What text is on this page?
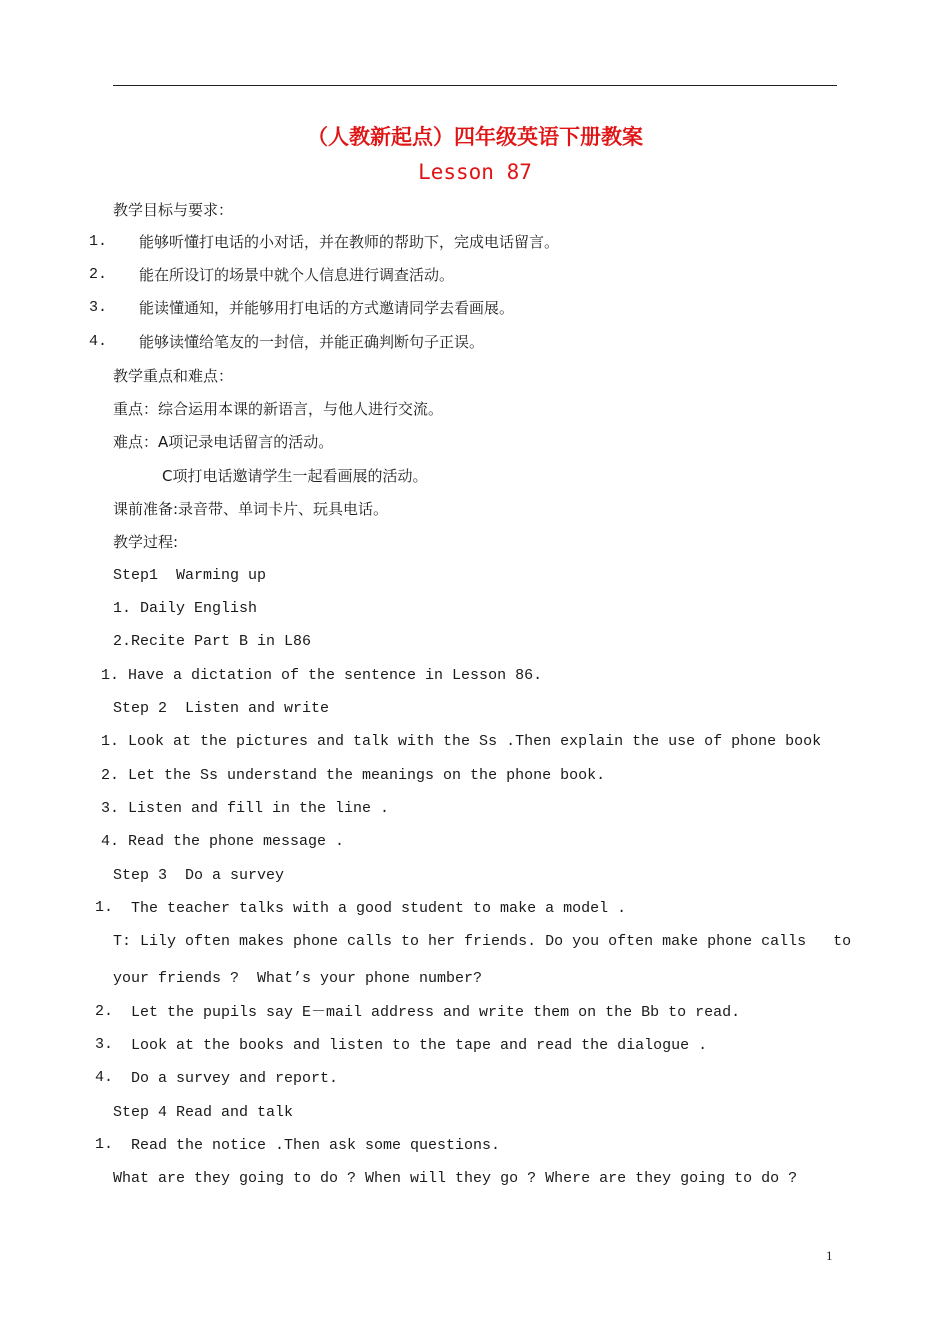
（人教新起点）四年级英语下册教案
Lesson 87
教学目标与要求：
1. 能够听懂打电话的小对话，并在教师的帮助下，完成电话留言。
2. 能在所设订的场景中就个人信息进行调查活动。
3. 能读懂通知，并能够用打电话的方式邀请同学去看画展。
4. 能够读懂给笔友的一封信，并能正确判断句子正误。
教学重点和难点：
重点：综合运用本课的新语言，与他人进行交流。
难点：A项记录电话留言的活动。
C项打电话邀请学生一起看画展的活动。
课前准备:录音带、单词卡片、玩具电话。
教学过程:
Step1  Warming up
1. Daily English
2.Recite Part B in L86
1. Have a dictation of the sentence in Lesson 86.
Step 2  Listen and write
1. Look at the pictures and talk with the Ss .Then explain the use of phone book
2. Let the Ss understand the meanings on the phone book.
3. Listen and fill in the line .
4. Read the phone message .
Step 3  Do a survey
1. The teacher talks with a good student to make a model .
T: Lily often makes phone calls to her friends. Do you often make phone calls   to
your friends ?  What’s your phone number?
2. Let the pupils say E－mail address and write them on the Bb to read.
3. Look at the books and listen to the tape and read the dialogue .
4. Do a survey and report.
Step 4 Read and talk
1. Read the notice .Then ask some questions.
What are they going to do ? When will they go ? Where are they going to do ?
1
